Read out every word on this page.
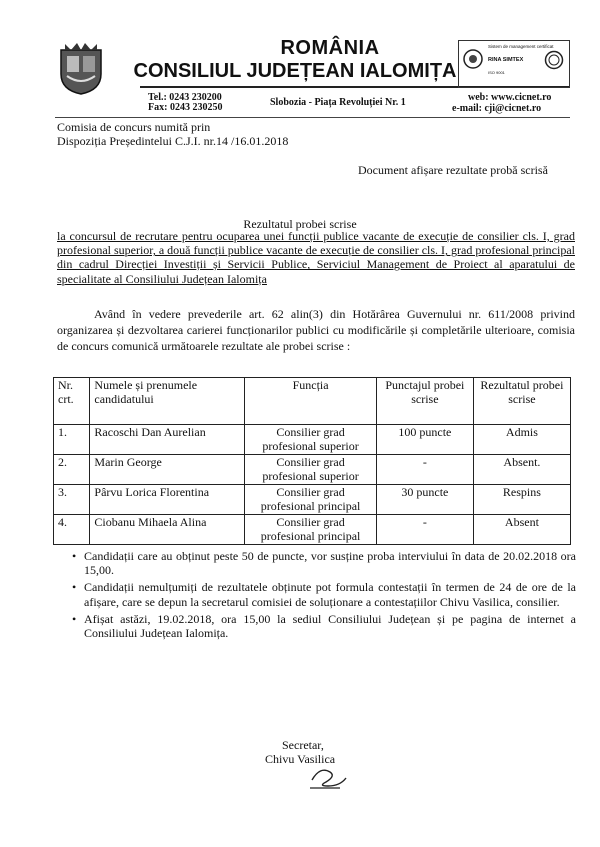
ROMÂNIA
CONSILIUL JUDEȚEAN IALOMIȚA
Sistem de management certificat
RINA SIMTEX
ISO 9001
Tel.: 0243 230200
Fax: 0243 230250	Slobozia - Piața Revoluției Nr. 1	web: www.cicnet.ro
e-mail: cji@cicnet.ro
Comisia de concurs numită prin
Dispoziția Președintelui C.J.I. nr.14 /16.01.2018
Document afișare rezultate probă scrisă
Rezultatul probei scrise
la concursul de recrutare pentru ocuparea unei funcții publice vacante de execuție de consilier cls. I, grad profesional superior, a două funcții publice vacante de execuție de consilier cls. I, grad profesional principal din cadrul Direcției Investiții și Servicii Publice, Serviciul Management de Proiect al aparatului de specialitate al Consiliului Județean Ialomița
Având în vedere prevederile art. 62 alin(3) din Hotărârea Guvernului nr. 611/2008 privind organizarea și dezvoltarea carierei funcționarilor publici cu modificările și completările ulterioare, comisia de concurs comunică următoarele rezultate ale probei scrise :
Nr. crt.	Numele și prenumele candidatului	Funcția	Punctajul probei scrise	Rezultatul probei scrise
1.	Racoschi Dan Aurelian	Consilier grad profesional superior	100 puncte	Admis
2.	Marin George	Consilier grad profesional superior	-	Absent.
3.	Pârvu Lorica Florentina	Consilier grad profesional principal	30 puncte	Respins
4.	Ciobanu Mihaela Alina	Consilier grad profesional principal	-	Absent
• Candidații care au obținut peste 50 de puncte, vor susține proba interviului în data de 20.02.2018 ora 15,00.
• Candidații nemulțumiți de rezultatele obținute pot formula contestații în termen de 24 de ore de la afișare, care se depun la secretarul comisiei de soluționare a contestațiilor Chivu Vasilica, consilier.
• Afișat astăzi, 19.02.2018, ora 15,00 la sediul Consiliului Județean și pe pagina de internet a Consiliului Județean Ialomița.
Secretar,
Chivu Vasilica
